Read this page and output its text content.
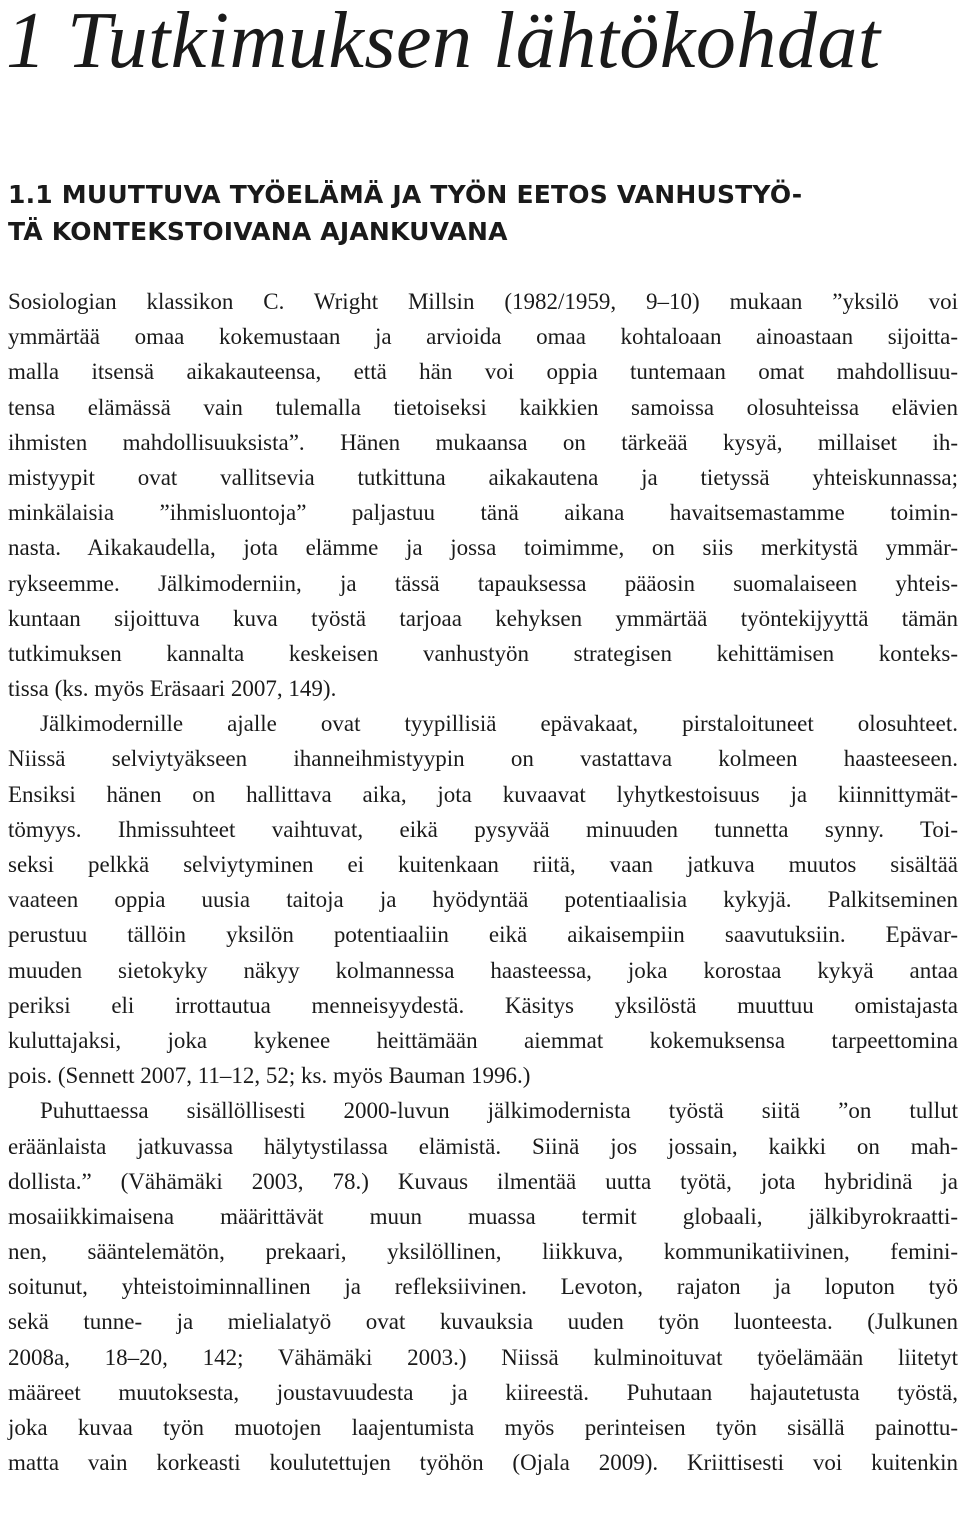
1 Tutkimuksen lähtökohdat
1.1 MUUTTUVA TYÖELÄMÄ JA TYÖN EETOS VANHUSTYÖ-
TÄ KONTEKSTOIVANA AJANKUVANA
Sosiologian klassikon C. Wright Millsin (1982/1959, 9–10) mukaan ”yksilö voi
ymmärtää omaa kokemustaan ja arvioida omaa kohtaloaan ainoastaan sijoitta-
malla itsensä aikakauteensa, että hän voi oppia tuntemaan omat mahdollisuu-
tensa elämässä vain tulemalla tietoiseksi kaikkien samoissa olosuhteissa elävien
ihmisten mahdollisuuksista”. Hänen mukaansa on tärkeää kysyä, millaiset ih-
mistyypit ovat vallitsevia tutkittuna aikakautena ja tietyssä yhteiskunnassa;
minkälaisia ”ihmisluontoja” paljastuu tänä aikana havaitsemastamme toimin-
nasta. Aikakaudella, jota elämme ja jossa toimimme, on siis merkitystä ymmär-
rykseemme. Jälkimoderniin, ja tässä tapauksessa pääosin suomalaiseen yhteis-
kuntaan sijoittuva kuva työstä tarjoaa kehyksen ymmärtää työntekijyyttä tämän
tutkimuksen kannalta keskeisen vanhustyön strategisen kehittämisen konteks-
tissa (ks. myös Eräsaari 2007, 149).
Jälkimodernille ajalle ovat tyypillisiä epävakaat, pirstaloituneet olosuhteet.
Niissä selviytyäkseen ihanneihmistyypin on vastattava kolmeen haasteeseen.
Ensiksi hänen on hallittava aika, jota kuvaavat lyhytkestoisuus ja kiinnittymät-
tömyys. Ihmissuhteet vaihtuvat, eikä pysyvää minuuden tunnetta synny. Toi-
seksi pelkkä selviytyminen ei kuitenkaan riitä, vaan jatkuva muutos sisältää
vaateen oppia uusia taitoja ja hyödyntää potentiaalisia kykyjä. Palkitseminen
perustuu tällöin yksilön potentiaaliin eikä aikaisempiin saavutuksiin. Epävar-
muuden sietokyky näkyy kolmannessa haasteessa, joka korostaa kykyä antaa
periksi eli irrottautua menneisyydestä. Käsitys yksilöstä muuttuu omistajasta
kuluttajaksi, joka kykenee heittämään aiemmat kokemuksensa tarpeettomina
pois. (Sennett 2007, 11–12, 52; ks. myös Bauman 1996.)
Puhuttaessa sisällöllisesti 2000-luvun jälkimodernista työstä siitä ”on tullut
eräänlaista jatkuvassa hälytystilassa elämistä. Siinä jos jossain, kaikki on mah-
dollista.” (Vähämäki 2003, 78.) Kuvaus ilmentää uutta työtä, jota hybridinä ja
mosaiikkimaisena määrittävät muun muassa termit globaali, jälkibyrokraatti-
nen, sääntelemätön, prekaari, yksilöllinen, liikkuva, kommunikatiivinen, femini-
soitunut, yhteistoiminnallinen ja refleksiivinen. Levoton, rajaton ja loputon työ
sekä tunne- ja mielialatyö ovat kuvauksia uuden työn luonteesta. (Julkunen
2008a, 18–20, 142; Vähämäki 2003.) Niissä kulminoituvat työelämään liitetyt
määreet muutoksesta, joustavuudesta ja kiireestä. Puhutaan hajautetusta työstä,
joka kuvaa työn muotojen laajentumista myös perinteisen työn sisällä painottu-
matta vain korkeasti koulutettujen työhön (Ojala 2009). Kriittisesti voi kuitenkin
